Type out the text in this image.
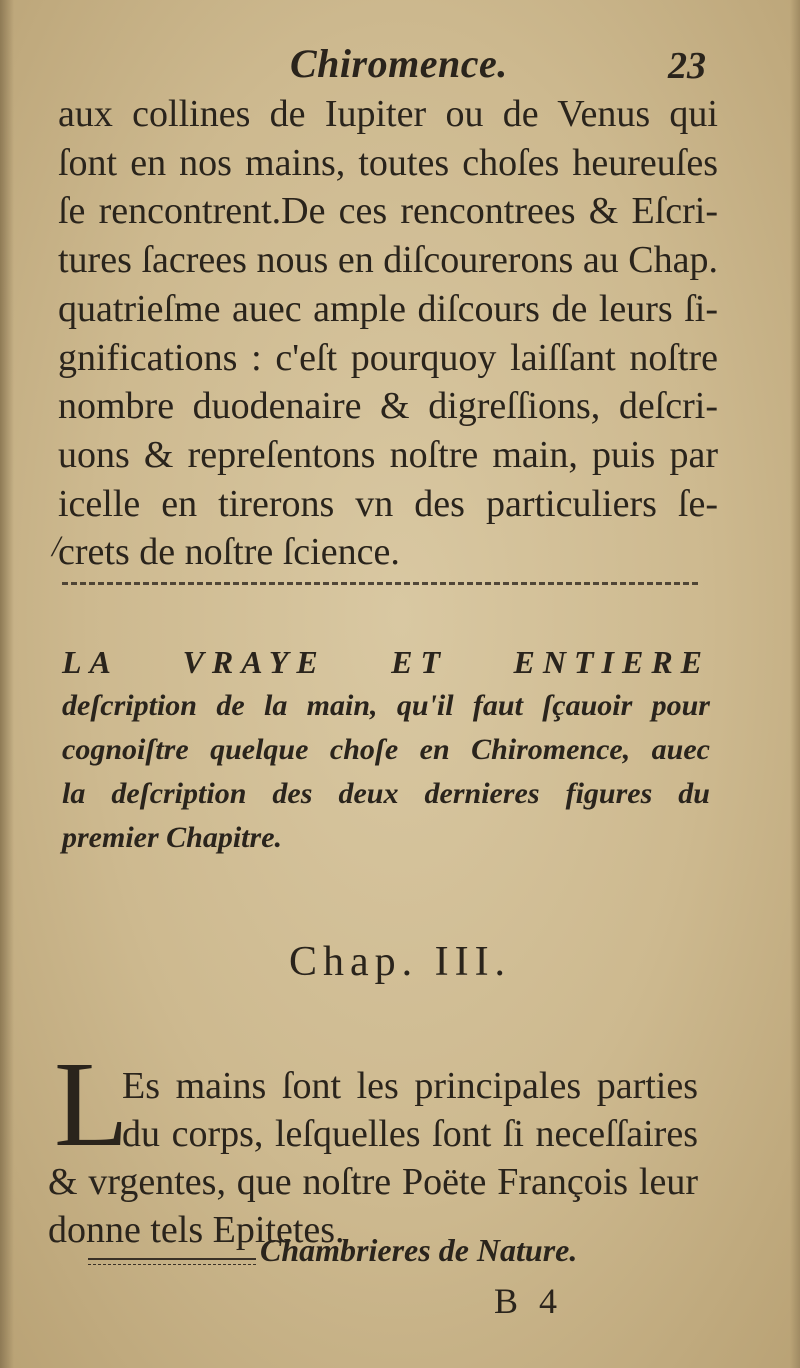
Chiromence.	23
aux collines de Iupiter ou de Venus qui
ſont en nos mains, toutes choſes heureuſes
ſe rencontrent.De ces rencontrees & Eſcri-
tures ſacrees nous en diſcourerons au Chap.
quatrieſme auec ample diſcours de leurs ſi-
gnifications : c'eſt pourquoy laiſſant noſtre
nombre duodenaire & digreſſions, deſcri-
uons & repreſentons noſtre main, puis par
icelle en tirerons vn des particuliers ſe-
crets de noſtre ſcience.
/
LA VRAYE ET ENTIERE
deſcription de la main, qu'il faut ſçauoir pour
cognoiſtre quelque choſe en Chiromence, auec
la deſcription des deux dernieres figures du
premier Chapitre.
Chap. III.
L
Es mains ſont les principales parties
du corps, leſquelles ſont ſi neceſſaires
& vrgentes, que noſtre Poëte François leur
donne tels Epitetes.
Chambrieres de Nature.
B 4
